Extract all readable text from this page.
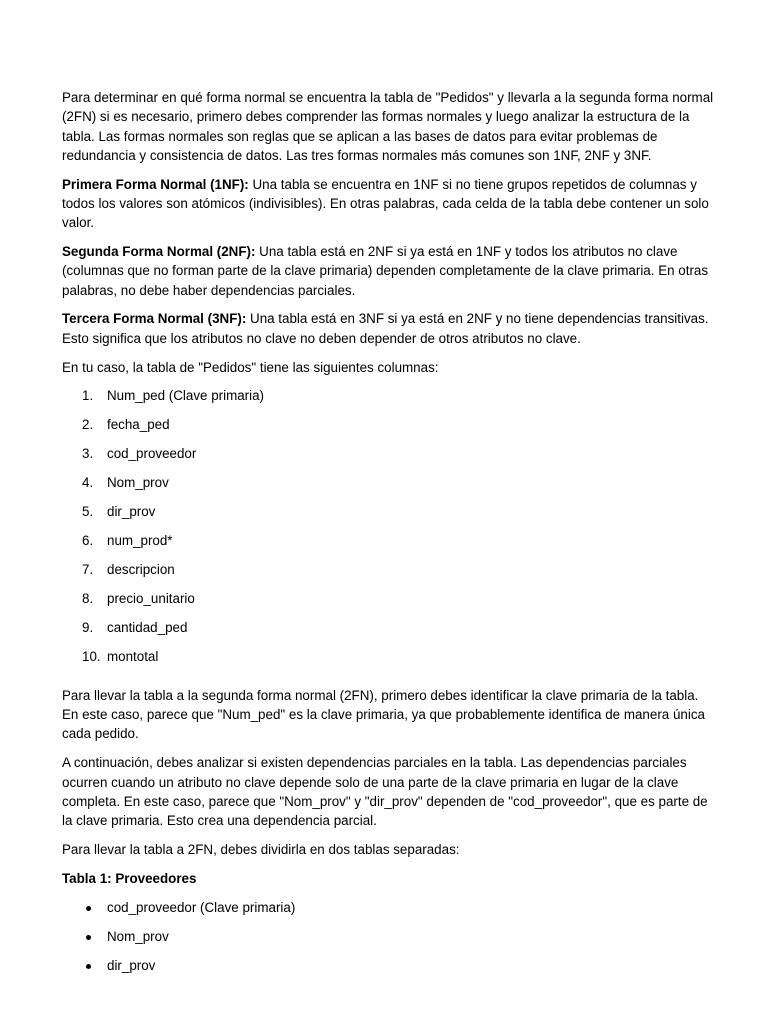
Para determinar en qué forma normal se encuentra la tabla de "Pedidos" y llevarla a la segunda forma normal (2FN) si es necesario, primero debes comprender las formas normales y luego analizar la estructura de la tabla. Las formas normales son reglas que se aplican a las bases de datos para evitar problemas de redundancia y consistencia de datos. Las tres formas normales más comunes son 1NF, 2NF y 3NF.

Primera Forma Normal (1NF): Una tabla se encuentra en 1NF si no tiene grupos repetidos de columnas y todos los valores son atómicos (indivisibles). En otras palabras, cada celda de la tabla debe contener un solo valor.

Segunda Forma Normal (2NF): Una tabla está en 2NF si ya está en 1NF y todos los atributos no clave (columnas que no forman parte de la clave primaria) dependen completamente de la clave primaria. En otras palabras, no debe haber dependencias parciales.

Tercera Forma Normal (3NF): Una tabla está en 3NF si ya está en 2NF y no tiene dependencias transitivas. Esto significa que los atributos no clave no deben depender de otros atributos no clave.

En tu caso, la tabla de "Pedidos" tiene las siguientes columnas:

1. Num_ped (Clave primaria)
2. fecha_ped
3. cod_proveedor
4. Nom_prov
5. dir_prov
6. num_prod*
7. descripcion
8. precio_unitario
9. cantidad_ped
10. montotal

Para llevar la tabla a la segunda forma normal (2FN), primero debes identificar la clave primaria de la tabla. En este caso, parece que "Num_ped" es la clave primaria, ya que probablemente identifica de manera única cada pedido.

A continuación, debes analizar si existen dependencias parciales en la tabla. Las dependencias parciales ocurren cuando un atributo no clave depende solo de una parte de la clave primaria en lugar de la clave completa. En este caso, parece que "Nom_prov" y "dir_prov" dependen de "cod_proveedor", que es parte de la clave primaria. Esto crea una dependencia parcial.

Para llevar la tabla a 2FN, debes dividirla en dos tablas separadas:

Tabla 1: Proveedores

cod_proveedor (Clave primaria)
Nom_prov
dir_prov
